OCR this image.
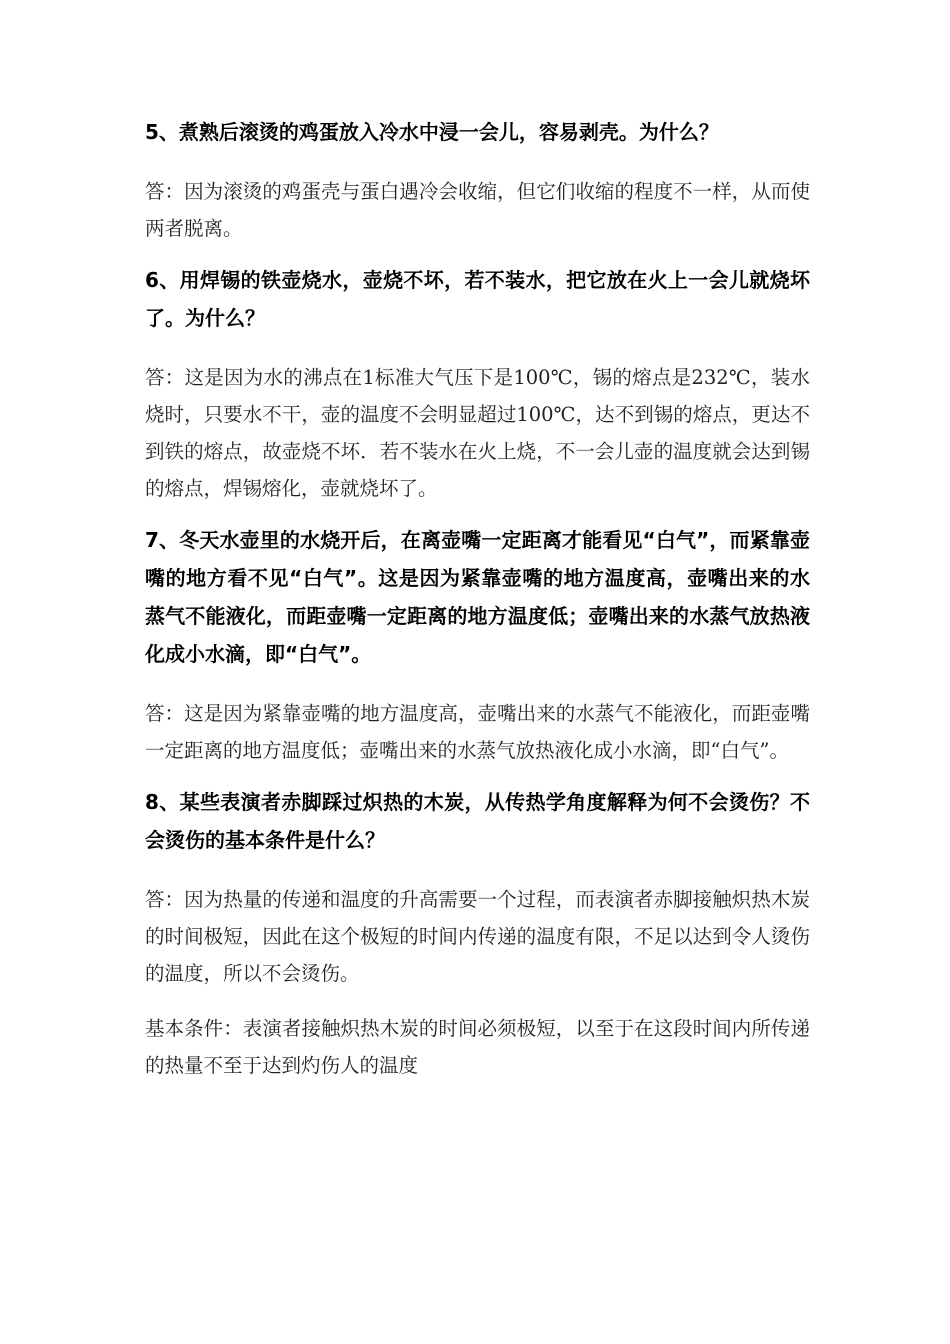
5、煮熟后滚烫的鸡蛋放入冷水中浸一会儿，容易剥壳。为什么？

答：因为滚烫的鸡蛋壳与蛋白遇冷会收缩，但它们收缩的程度不一样，从而使两者脱离。

6、用焊锡的铁壶烧水，壶烧不坏，若不装水，把它放在火上一会儿就烧坏了。为什么？

答：这是因为水的沸点在1标准大气压下是100℃，锡的熔点是232℃，装水烧时，只要水不干，壶的温度不会明显超过100℃，达不到锡的熔点，更达不到铁的熔点，故壶烧不坏．若不装水在火上烧，不一会儿壶的温度就会达到锡的熔点，焊锡熔化，壶就烧坏了。

7、冬天水壶里的水烧开后，在离壶嘴一定距离才能看见“白气”，而紧靠壶嘴的地方看不见“白气”。这是因为紧靠壶嘴的地方温度高，壶嘴出来的水蒸气不能液化，而距壶嘴一定距离的地方温度低；壶嘴出来的水蒸气放热液化成小水滴，即“白气”。

答：这是因为紧靠壶嘴的地方温度高，壶嘴出来的水蒸气不能液化，而距壶嘴一定距离的地方温度低；壶嘴出来的水蒸气放热液化成小水滴，即“白气”。

8、某些表演者赤脚踩过炽热的木炭，从传热学角度解释为何不会烫伤？不会烫伤的基本条件是什么？

答：因为热量的传递和温度的升高需要一个过程，而表演者赤脚接触炽热木炭的时间极短，因此在这个极短的时间内传递的温度有限，不足以达到令人烫伤的温度，所以不会烫伤。

基本条件：表演者接触炽热木炭的时间必须极短，以至于在这段时间内所传递的热量不至于达到灼伤人的温度
